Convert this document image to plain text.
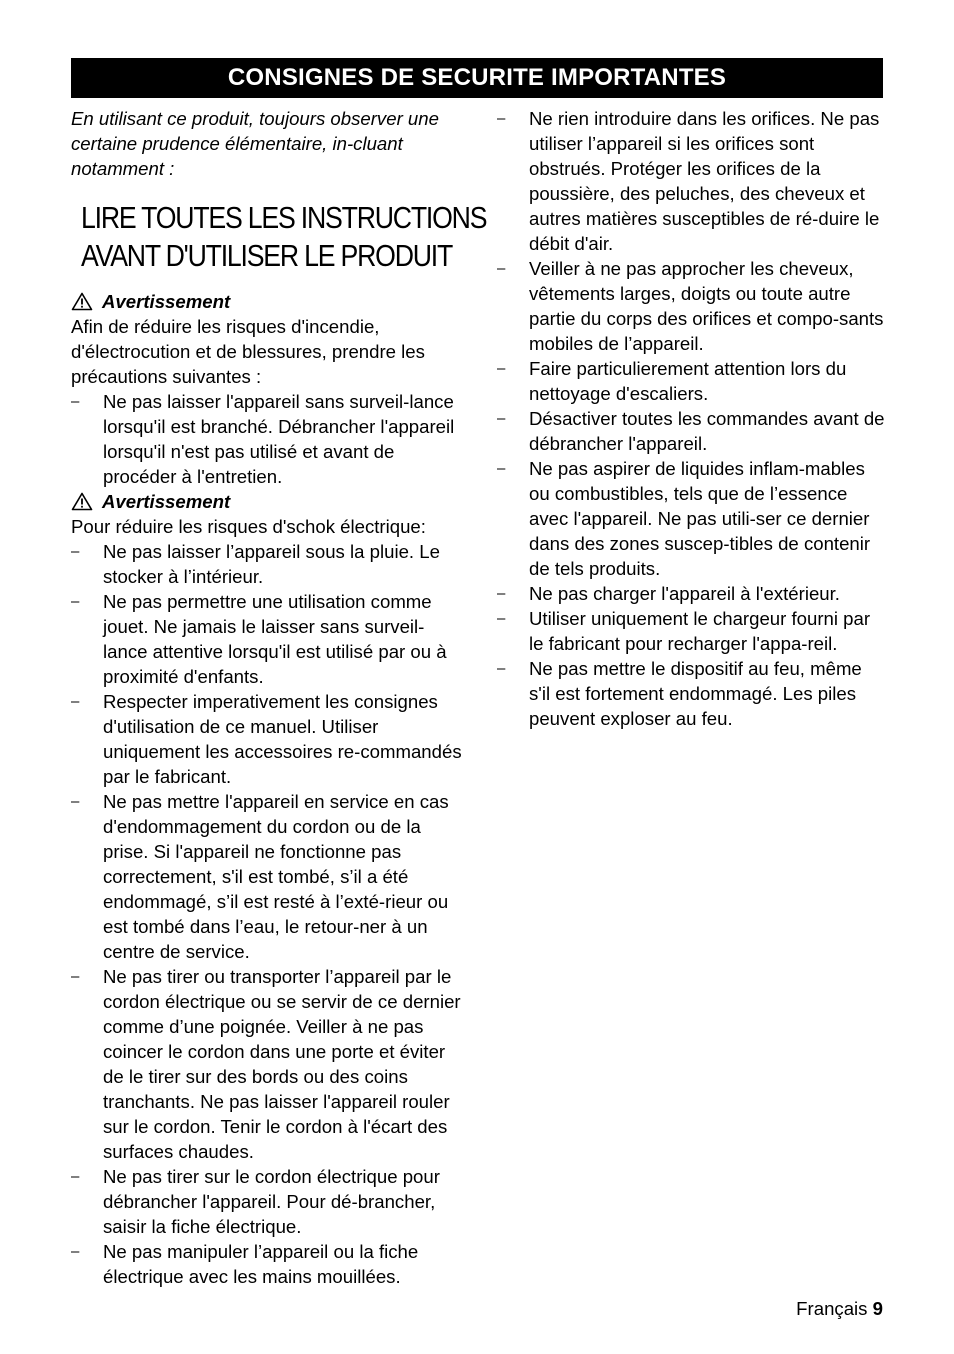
CONSIGNES DE SECURITE IMPORTANTES

En utilisant ce produit, toujours observer une certaine prudence élémentaire, in-cluant notamment :

LIRE TOUTES LES INSTRUCTIONS
AVANT D'UTILISER LE PRODUIT
Avertissement

Afin de réduire les risques d'incendie, d'électrocution et de blessures, prendre les précautions suivantes :

– Ne pas laisser l'appareil sans surveil-lance lorsqu'il est branché. Débrancher l'appareil lorsqu'il n'est pas utilisé et avant de procéder à l'entretien.
Avertissement

Pour réduire les risques d'schok électrique:

– Ne pas laisser l’appareil sous la pluie. Le stocker à l’intérieur.
– Ne pas permettre une utilisation comme jouet. Ne jamais le laisser sans surveil-lance attentive lorsqu'il est utilisé par ou à proximité d'enfants.
– Respecter imperativement les consignes d'utilisation de ce manuel. Utiliser uniquement les accessoires re-commandés par le fabricant.
– Ne pas mettre l'appareil en service en cas d'endommagement du cordon ou de la prise. Si l'appareil ne fonctionne pas correctement, s'il est tombé, s’il a été endommagé, s’il est resté à l’exté-rieur ou est tombé dans l’eau, le retour-ner à un centre de service.
– Ne pas tirer ou transporter l’appareil par le cordon électrique ou se servir de ce dernier comme d’une poignée. Veiller à ne pas coincer le cordon dans une porte et éviter de le tirer sur des bords ou des coins tranchants. Ne pas laisser l'appareil rouler sur le cordon. Tenir le cordon à l'écart des surfaces chaudes.
– Ne pas tirer sur le cordon électrique pour débrancher l'appareil. Pour dé-brancher, saisir la fiche électrique.
– Ne pas manipuler l’appareil ou la fiche électrique avec les mains mouillées.
– Ne rien introduire dans les orifices. Ne pas utiliser l’appareil si les orifices sont obstrués. Protéger les orifices de la poussière, des peluches, des cheveux et autres matières susceptibles de ré-duire le débit d'air.
– Veiller à ne pas approcher les cheveux, vêtements larges, doigts ou toute autre partie du corps des orifices et compo-sants mobiles de l’appareil.
– Faire particulierement attention lors du nettoyage d'escaliers.
– Désactiver toutes les commandes avant de débrancher l'appareil.
– Ne pas aspirer de liquides inflam-mables ou combustibles, tels que de l’essence avec l'appareil. Ne pas utili-ser ce dernier dans des zones suscep-tibles de contenir de tels produits.
– Ne pas charger l'appareil à l'extérieur.
– Utiliser uniquement le chargeur fourni par le fabricant pour recharger l'appa-reil.
– Ne pas mettre le dispositif au feu, même s'il est fortement endommagé. Les piles peuvent exploser au feu.
Français 9
